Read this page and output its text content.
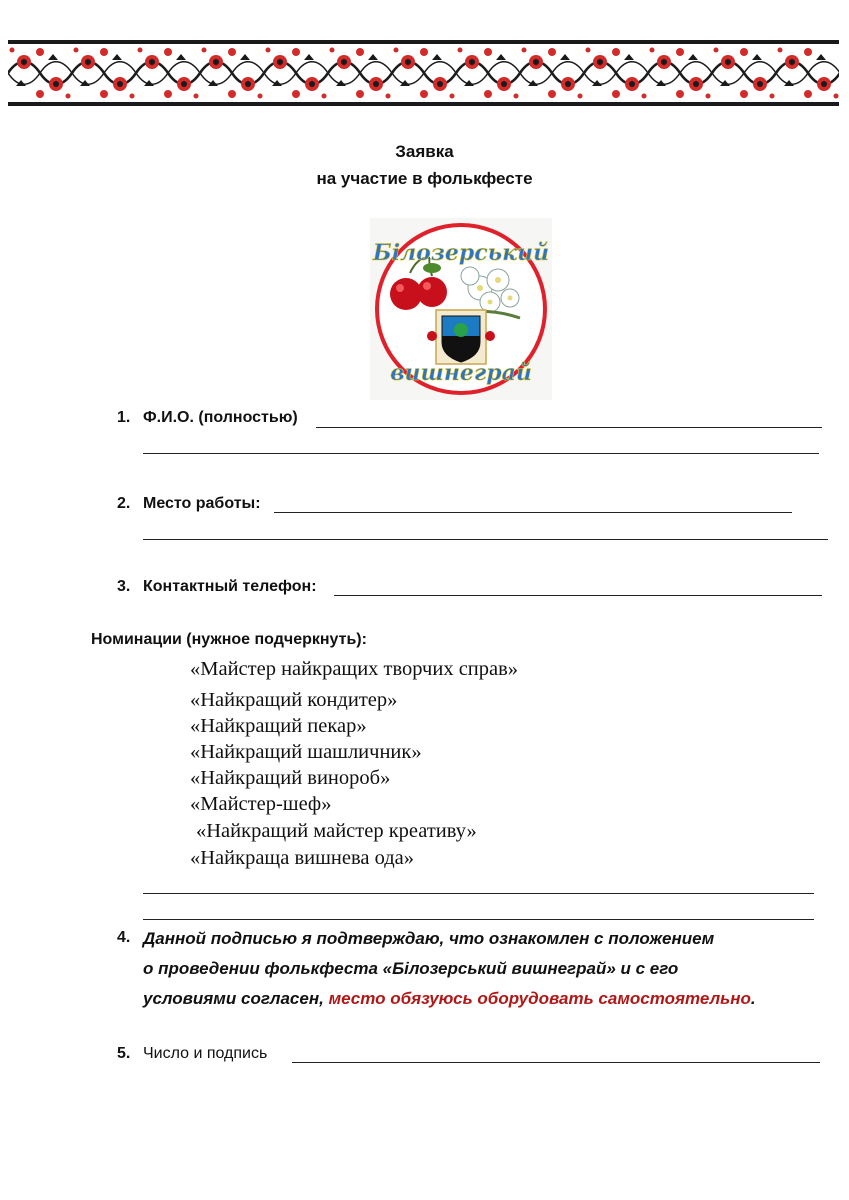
Заявка
на участие в фолькфесте
Білозерський
вишнеграй
1. Ф.И.О. (полностью)
2. Место работы:
3. Контактный телефон:
Номинации (нужное подчеркнуть):
«Майстер найкращих творчих справ»
«Найкращий кондитер»
«Найкращий пекар»
«Найкращий шашличник»
«Найкращий винороб»
«Майстер-шеф»
«Найкращий майстер креативу»
«Найкраща вишнева ода»
4. Данной подписью я подтверждаю, что ознакомлен с положением
о проведении фолькфеста «Білозерський вишнеграй» и с его
условиями согласен, место обязуюсь оборудовать самостоятельно.
5. Число и подпись
